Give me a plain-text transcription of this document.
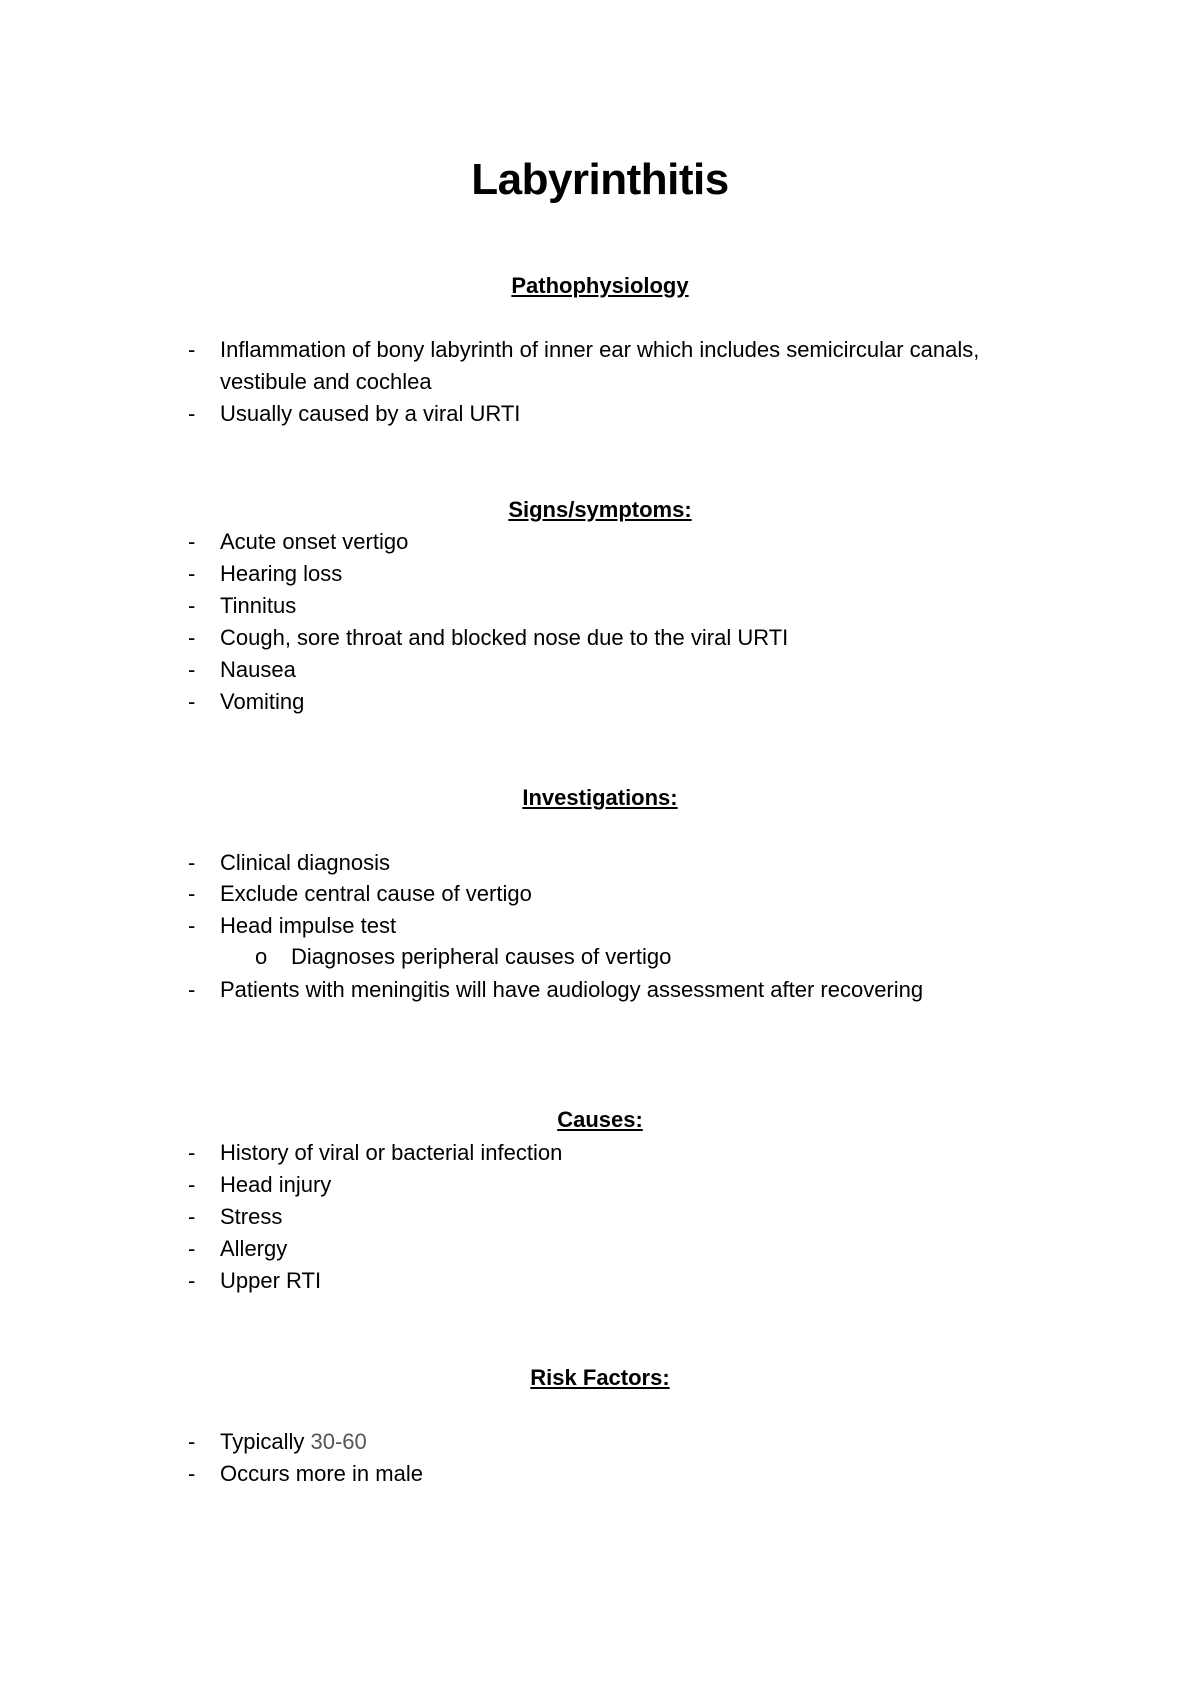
Labyrinthitis
Pathophysiology
-	Inflammation of bony labyrinth of inner ear which includes semicircular canals,
vestibule and cochlea
-	Usually caused by a viral URTI
Signs/symptoms:
-	Acute onset vertigo
-	Hearing loss
-	Tinnitus
-	Cough, sore throat and blocked nose due to the viral URTI
-	Nausea
-	Vomiting
Investigations:
-	Clinical diagnosis
-	Exclude central cause of vertigo
-	Head impulse test
o Diagnoses peripheral causes of vertigo
-	Patients with meningitis will have audiology assessment after recovering
Causes:
-	History of viral or bacterial infection
-	Head injury
-	Stress
-	Allergy
-	Upper RTI
Risk Factors:
-	Typically 30-60
-	Occurs more in male
